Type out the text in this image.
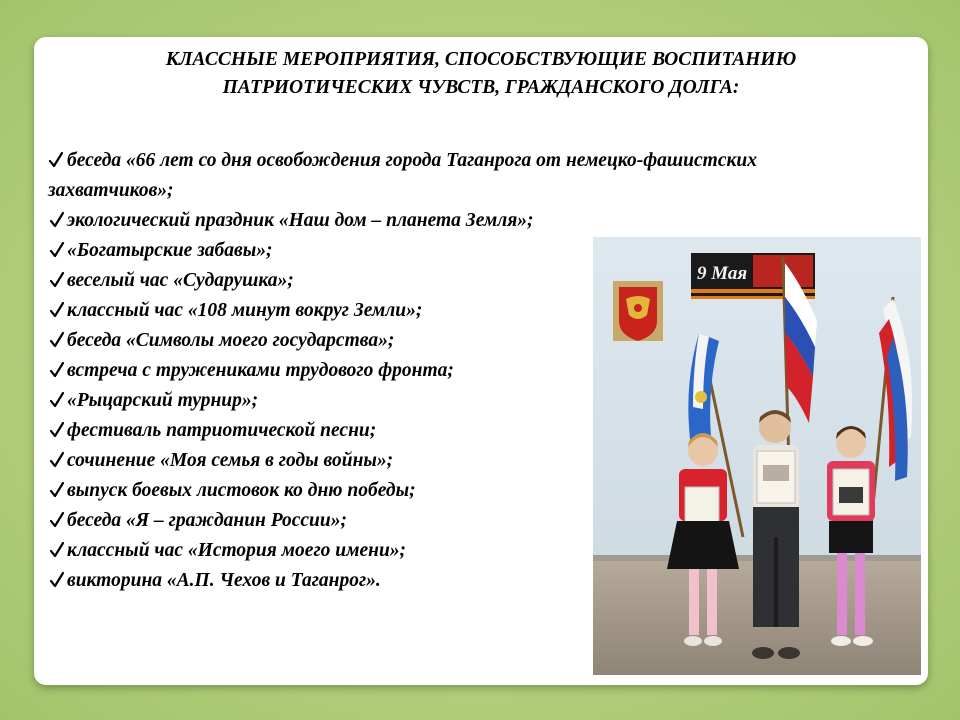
КЛАССНЫЕ МЕРОПРИЯТИЯ, СПОСОБСТВУЮЩИЕ ВОСПИТАНИЮ
ПАТРИОТИЧЕСКИХ ЧУВСТВ, ГРАЖДАНСКОГО ДОЛГА:
беседа «66 лет со дня освобождения города Таганрога от немецко-фашистских захватчиков»;
экологический праздник «Наш дом – планета Земля»;
«Богатырские забавы»;
веселый час «Сударушка»;
классный час «108 минут вокруг Земли»;
беседа «Символы моего государства»;
встреча с тружениками трудового фронта;
«Рыцарский турнир»;
фестиваль патриотической песни;
сочинение «Моя семья в годы войны»;
выпуск боевых листовок ко дню победы;
беседа «Я – гражданин России»;
классный час «История моего имени»;
викторина «А.П. Чехов и Таганрог».
9 Мая
